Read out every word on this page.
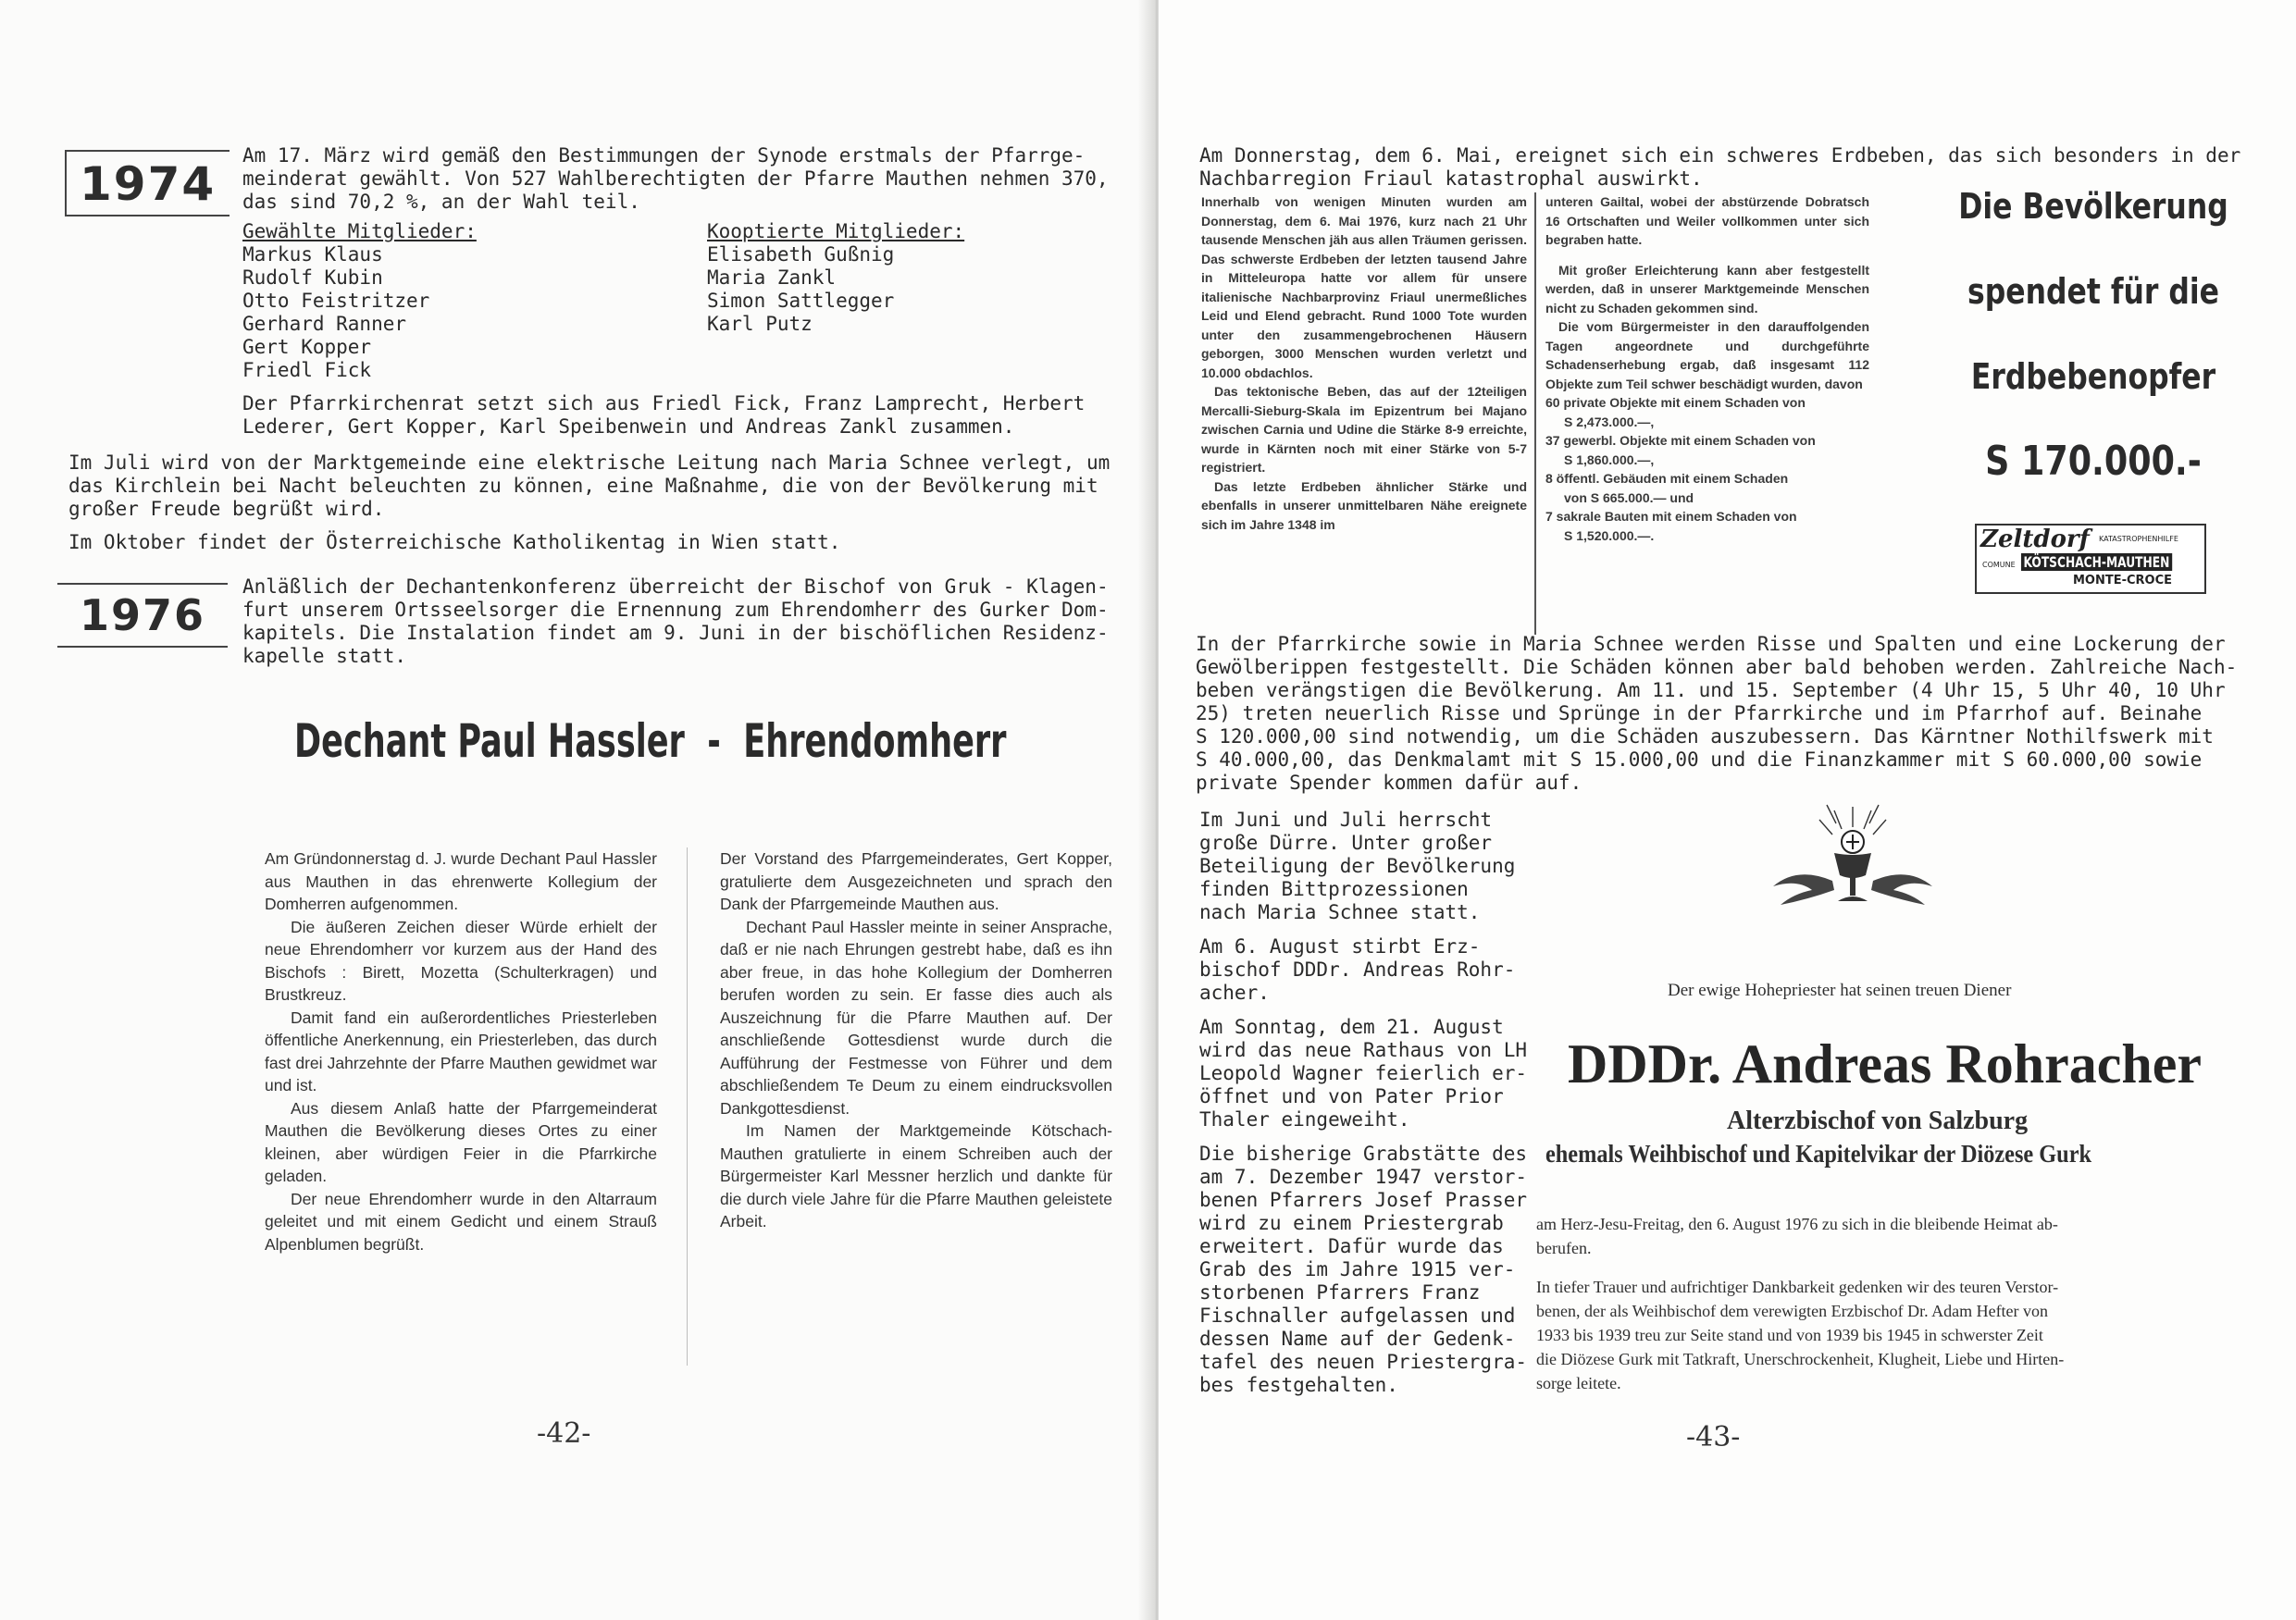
1974

Am 17. März wird gemäß den Bestimmungen der Synode erstmals der Pfarrge-

meinderat gewählt. Von 527 Wahlberechtigten der Pfarre Mauthen nehmen 370,

das sind 70,2 %, an der Wahl teil.

Gewählte Mitglieder:

Markus Klaus

Rudolf Kubin

Otto Feistritzer

Gerhard Ranner

Gert Kopper

Friedl Fick

Kooptierte Mitglieder:

Elisabeth Gußnig

Maria Zankl

Simon Sattlegger

Karl Putz

Der Pfarrkirchenrat setzt sich aus Friedl Fick, Franz Lamprecht, Herbert

Lederer, Gert Kopper, Karl Speibenwein und Andreas Zankl zusammen.

Im Juli wird von der Marktgemeinde eine elektrische Leitung nach Maria Schnee verlegt, um

das Kirchlein bei Nacht beleuchten zu können, eine Maßnahme, die von der Bevölkerung mit

großer Freude begrüßt wird.

Im Oktober findet der Österreichische Katholikentag in Wien statt.

1976

Anläßlich der Dechantenkonferenz überreicht der Bischof von Gruk - Klagen-

furt unserem Ortsseelsorger die Ernennung zum Ehrendomherr des Gurker Dom-

kapitels. Die Instalation findet am 9. Juni in der bischöflichen Residenz-

kapelle statt.

Dechant Paul Hassler  -  Ehrendomherr

Am Gründonnerstag d. J. wurde Dechant Paul Hassler aus Mauthen in das ehrenwerte Kollegium der Domherren aufgenommen.

Die äußeren Zeichen dieser Würde erhielt der neue Ehrendomherr vor kurzem aus der Hand des Bischofs : Birett, Mozetta (Schulterkragen) und Brustkreuz.

Damit fand ein außerordentliches Priesterleben öffentliche Anerkennung, ein Priesterleben, das durch fast drei Jahrzehnte der Pfarre Mauthen gewidmet war und ist.

Aus diesem Anlaß hatte der Pfarrgemeinderat Mauthen die Bevölkerung dieses Ortes zu einer kleinen, aber würdigen Feier in die Pfarrkirche geladen.

Der neue Ehrendomherr wurde in den Altarraum geleitet und mit einem Gedicht und einem Strauß Alpenblumen begrüßt.

Der Vorstand des Pfarrgemeinderates, Gert Kopper, gratulierte dem Ausgezeichneten und sprach den Dank der Pfarrgemeinde Mauthen aus.

Dechant Paul Hassler meinte in seiner Ansprache, daß er nie nach Ehrungen gestrebt habe, daß es ihn aber freue, in das hohe Kollegium der Domherren berufen worden zu sein. Er fasse dies auch als Auszeichnung für die Pfarre Mauthen auf. Der anschließende Gottesdienst wurde durch die Aufführung der Festmesse von Führer und dem abschließendem Te Deum zu einem eindrucksvollen Dankgottesdienst.

Im Namen der Marktgemeinde Kötschach-Mauthen gratulierte in einem Schreiben auch der Bürgermeister Karl Messner herzlich und dankte für die durch viele Jahre für die Pfarre Mauthen geleistete Arbeit.

-42-

Am Donnerstag, dem 6. Mai, ereignet sich ein schweres Erdbeben, das sich besonders in der

Nachbarregion Friaul katastrophal auswirkt.

Innerhalb von wenigen Minuten wurden am Donnerstag, dem 6. Mai 1976, kurz nach 21 Uhr tausende Menschen jäh aus allen Träumen gerissen. Das schwerste Erdbeben der letzten tausend Jahre in Mitteleuropa hatte vor allem für unsere italienische Nachbarprovinz Friaul unermeßliches Leid und Elend gebracht. Rund 1000 Tote wurden unter den zusammengebrochenen Häusern geborgen, 3000 Menschen wurden verletzt und 10.000 obdachlos.

Das tektonische Beben, das auf der 12teiligen Mercalli-Sieburg-Skala im Epizentrum bei Majano zwischen Carnia und Udine die Stärke 8-9 erreichte, wurde in Kärnten noch mit einer Stärke von 5-7 registriert.

Das letzte Erdbeben ähnlicher Stärke und ebenfalls in unserer unmittelbaren Nähe ereignete sich im Jahre 1348 im

unteren Gailtal, wobei der abstürzende Dobratsch 16 Ortschaften und Weiler vollkommen unter sich begraben hatte.

Mit großer Erleichterung kann aber festgestellt werden, daß in unserer Marktgemeinde Menschen nicht zu Schaden gekommen sind.

Die vom Bürgermeister in den darauffolgenden Tagen angeordnete und durchgeführte Schadenserhebung ergab, daß insgesamt 112 Objekte zum Teil schwer beschädigt wurden, davon

60 private Objekte mit einem Schaden von

S 2,473.000.—,

37 gewerbl. Objekte mit einem Schaden von

S 1,860.000.—,

8 öffentl. Gebäuden mit einem Schaden

von S 665.000.— und

7 sakrale Bauten mit einem Schaden von

S 1,520.000.—.

Die Bevölkerung
spendet für die
Erdbebenopfer
S 170.000.-
Zeltdorf KATASTROPHENHILFE
COMUNE KÖTSCHACH-MAUTHEN
MONTE-CROCE

In der Pfarrkirche sowie in Maria Schnee werden Risse und Spalten und eine Lockerung der

Gewölberippen festgestellt. Die Schäden können aber bald behoben werden. Zahlreiche Nach-

beben verängstigen die Bevölkerung. Am 11. und 15. September (4 Uhr 15, 5 Uhr 40, 10 Uhr

25) treten neuerlich Risse und Sprünge in der Pfarrkirche und im Pfarrhof auf. Beinahe

S 120.000,00 sind notwendig, um die Schäden auszubessern. Das Kärntner Nothilfswerk mit

S 40.000,00, das Denkmalamt mit S 15.000,00 und die Finanzkammer mit S 60.000,00 sowie

private Spender kommen dafür auf.

Im Juni und Juli herrscht

große Dürre. Unter großer

Beteiligung der Bevölkerung

finden Bittprozessionen

nach Maria Schnee statt.

Am 6. August stirbt Erz-

bischof DDDr. Andreas Rohr-

acher.

Am Sonntag, dem 21. August

wird das neue Rathaus von LH

Leopold Wagner feierlich er-

öffnet und von Pater Prior

Thaler eingeweiht.

Die bisherige Grabstätte des

am 7. Dezember 1947 verstor-

benen Pfarrers Josef Prasser

wird zu einem Priestergrab

erweitert. Dafür wurde das

Grab des im Jahre 1915 ver-

storbenen Pfarrers Franz

Fischnaller aufgelassen und

dessen Name auf der Gedenk-

tafel des neuen Priestergra-

bes festgehalten.

Der ewige Hohepriester hat seinen treuen Diener
DDDr. Andreas Rohracher
Alterzbischof von Salzburg
ehemals Weihbischof und Kapitelvikar der Diözese Gurk
am Herz-Jesu-Freitag, den 6. August 1976 zu sich in die bleibende Heimat ab-
berufen.
In tiefer Trauer und aufrichtiger Dankbarkeit gedenken wir des teuren Verstor-
benen, der als Weihbischof dem verewigten Erzbischof Dr. Adam Hefter von
1933 bis 1939 treu zur Seite stand und von 1939 bis 1945 in schwerster Zeit
die Diözese Gurk mit Tatkraft, Unerschrockenheit, Klugheit, Liebe und Hirten-
sorge leitete.
-43-
